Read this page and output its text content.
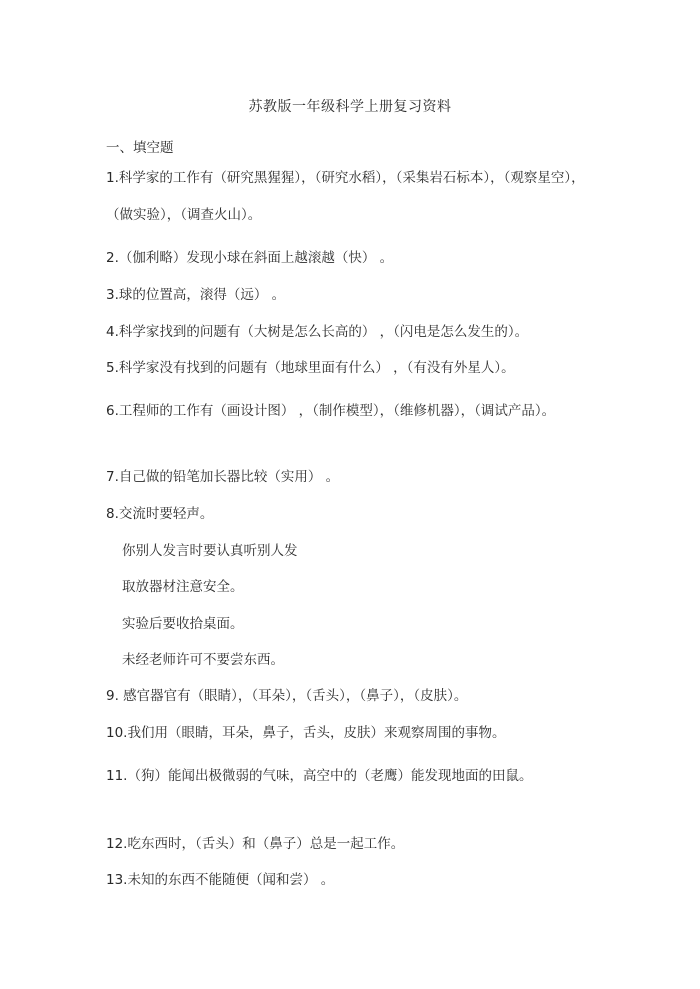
苏教版一年级科学上册复习资料
一、填空题
1.科学家的工作有（研究黑猩猩），（研究水稻），（采集岩石标本），（观察星空），（做实验），（调查火山）。
2.（伽利略）发现小球在斜面上越滚越（快） 。
3.球的位置高，滚得（远） 。
4.科学家找到的问题有（大树是怎么长高的） ，（闪电是怎么发生的）。
5.科学家没有找到的问题有（地球里面有什么） ，（有没有外星人）。
6.工程师的工作有（画设计图） ，（制作模型），（维修机器），（调试产品）。
7.自己做的铅笔加长器比较（实用） 。
8.交流时要轻声。
你别人发言时要认真听别人发
取放器材注意安全。
实验后要收拾桌面。
未经老师许可不要尝东西。
9. 感官器官有（眼睛），（耳朵），（舌头），（鼻子），（皮肤）。
10.我们用（眼睛，耳朵，鼻子，舌头，皮肤）来观察周围的事物。
11.（狗）能闻出极微弱的气味，高空中的（老鹰）能发现地面的田鼠。
12.吃东西时，（舌头）和（鼻子）总是一起工作。
13.未知的东西不能随便（闻和尝） 。
